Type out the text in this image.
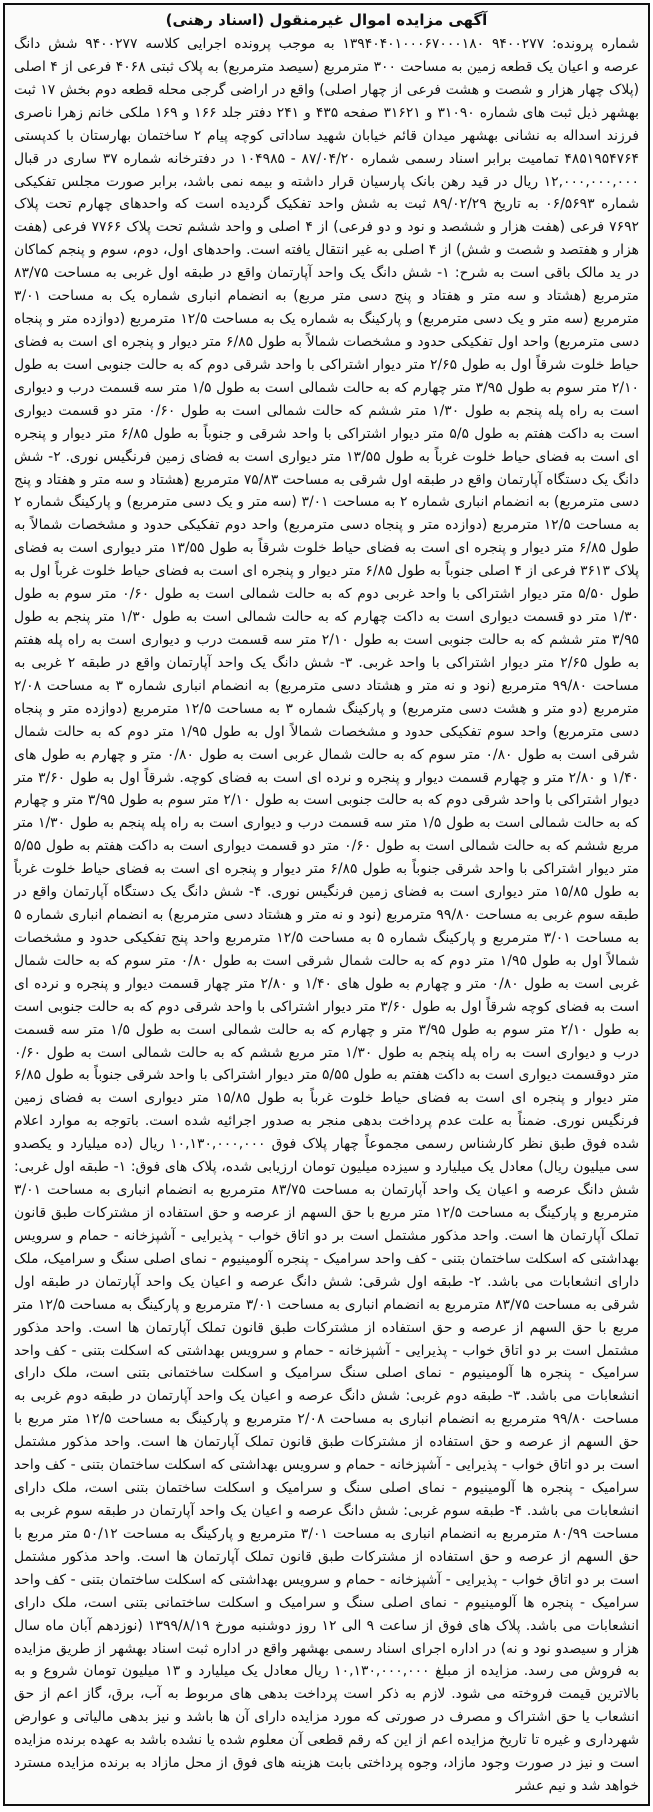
آگهی مزایده اموال غیرمنقول (اسناد رهنی)

شماره پرونده: ۹۴۰۰۲۷۷ ۱۳۹۴۰۴۰۱۰۰۰۶۷۰۰۰۱۸۰ به موجب پرونده اجرایی کلاسه ۹۴۰۰۲۷۷ شش دانگ عرصه و اعیان یک قطعه زمین به مساحت ۳۰۰ مترمربع (سیصد مترمربع) به پلاک ثبتی ۴۰۶۸ فرعی از ۴ اصلی (پلاک چهار هزار و شصت و هشت فرعی از چهار اصلی) واقع در اراضی گرجی محله قطعه دوم بخش ۱۷ ثبت بهشهر ذیل ثبت های شماره ۳۱۰۹۰ و ۳۱۶۲۱ صفحه ۴۳۵ و ۲۴۱ دفتر جلد ۱۶۶ و ۱۶۹ ملکی خانم زهرا ناصری فرزند اسداله به نشانی بهشهر میدان قائم خیابان شهید ساداتی کوچه پیام ۲ ساختمان بهارستان با کدپستی ۴۸۵۱۹۵۴۷۶۴ تمامیت برابر اسناد رسمی شماره ۸۷/۰۴/۲۰ - ۱۰۴۹۸۵ در دفترخانه شماره ۳۷ ساری در قبال ۱۲,۰۰۰,۰۰۰,۰۰۰ ریال در قید رهن بانک پارسیان قرار داشته و بیمه نمی باشد، برابر صورت مجلس تفکیکی شماره ۰۶/۵۶۹۳ به تاریخ ۸۹/۰۲/۲۹ ثبت به شش واحد تفکیک گردیده است که واحدهای چهارم تحت پلاک ۷۶۹۲ فرعی (هفت هزار و ششصد و نود و دو فرعی) از ۴ اصلی و واحد ششم تحت پلاک ۷۷۶۶ فرعی (هفت هزار و هفتصد و شصت و شش) از ۴ اصلی به غیر انتقال یافته است. واحدهای اول، دوم، سوم و پنجم کماکان در ید مالک باقی است به شرح: ۱- شش دانگ یک واحد آپارتمان واقع در طبقه اول غربی به مساحت ۸۳/۷۵ مترمربع (هشتاد و سه متر و هفتاد و پنج دسی متر مربع) به انضمام انباری شماره یک به مساحت ۳/۰۱ مترمربع (سه متر و یک دسی مترمربع) و پارکینگ به شماره یک به مساحت ۱۲/۵ مترمربع (دوازده متر و پنجاه دسی مترمربع) واحد اول تفکیکی حدود و مشخصات شمالاً به طول ۶/۸۵ متر دیوار و پنجره ای است به فضای حیاط خلوت شرقاً اول به طول ۲/۶۵ متر دیوار اشتراکی با واحد شرقی دوم که به حالت جنوبی است به طول ۲/۱۰ متر سوم به طول ۳/۹۵ متر چهارم که به حالت شمالی است به طول ۱/۵ متر سه قسمت درب و دیواری است به راه پله پنجم به طول ۱/۳۰ متر ششم که حالت شمالی است به طول ۰/۶۰ متر دو قسمت دیواری است به داکت هفتم به طول ۵/۵ متر دیوار اشتراکی با واحد شرقی و جنوباً به طول ۶/۸۵ متر دیوار و پنجره ای است به فضای حیاط خلوت غرباً به طول ۱۳/۵۵ متر دیواری است به فضای زمین فرنگیس نوری. ۲- شش دانگ یک دستگاه آپارتمان واقع در طبقه اول شرقی به مساحت ۷۵/۸۳ مترمربع (هشتاد و سه متر و هفتاد و پنج دسی مترمربع) به انضمام انباری شماره ۲ به مساحت ۳/۰۱ (سه متر و یک دسی مترمربع) و پارکینگ شماره ۲ به مساحت ۱۲/۵ مترمربع (دوازده متر و پنجاه دسی مترمربع) واحد دوم تفکیکی حدود و مشخصات شمالاً به طول ۶/۸۵ متر دیوار و پنجره ای است به فضای حیاط خلوت شرقاً به طول ۱۳/۵۵ متر دیواری است به فضای پلاک ۳۶۱۳ فرعی از ۴ اصلی جنوباً به طول ۶/۸۵ متر دیوار و پنجره ای است به فضای حیاط خلوت غرباً اول به طول ۵/۵۰ متر دیوار اشتراکی با واحد غربی دوم که به حالت شمالی است به طول ۰/۶۰ متر سوم به طول ۱/۳۰ متر دو قسمت دیواری است به داکت چهارم که به حالت شمالی است به طول ۱/۳۰ متر پنجم به طول ۳/۹۵ متر ششم که به حالت جنوبی است به طول ۲/۱۰ متر سه قسمت درب و دیواری است به راه پله هفتم به طول ۲/۶۵ متر دیوار اشتراکی با واحد غربی. ۳- شش دانگ یک واحد آپارتمان واقع در طبقه ۲ غربی به مساحت ۹۹/۸۰ مترمربع (نود و نه متر و هشتاد دسی مترمربع) به انضمام انباری شماره ۳ به مساحت ۲/۰۸ مترمربع (دو متر و هشت دسی مترمربع) و پارکینگ شماره ۳ به مساحت ۱۲/۵ مترمربع (دوازده متر و پنجاه دسی مترمربع) واحد سوم تفکیکی حدود و مشخصات شمالاً اول به طول ۱/۹۵ متر دوم که به حالت شمال شرقی است به طول ۰/۸۰ متر سوم که به حالت شمال غربی است به طول ۰/۸۰ متر و چهارم به طول های ۱/۴۰ و ۲/۸۰ متر و چهارم قسمت دیوار و پنجره و نرده ای است به فضای کوچه. شرقاً اول به طول ۳/۶۰ متر دیوار اشتراکی با واحد شرقی دوم که به حالت جنوبی است به طول ۲/۱۰ متر سوم به طول ۳/۹۵ متر و چهارم که به حالت شمالی است به طول ۱/۵ متر سه قسمت درب و دیواری است به راه پله پنجم به طول ۱/۳۰ متر مربع ششم که به حالت شمالی است به طول ۰/۶۰ متر دو قسمت دیواری است به داکت هفتم به طول ۵/۵۵ متر دیوار اشتراکی با واحد شرقی جنوباً به طول ۶/۸۵ متر دیوار و پنجره ای است به فضای حیاط خلوت غرباً به طول ۱۵/۸۵ متر دیواری است به فضای زمین فرنگیس نوری. ۴- شش دانگ یک دستگاه آپارتمان واقع در طبقه سوم غربی به مساحت ۹۹/۸۰ مترمربع (نود و نه متر و هشتاد دسی مترمربع) به انضمام انباری شماره ۵ به مساحت ۳/۰۱ مترمربع و پارکینگ شماره ۵ به مساحت ۱۲/۵ مترمربع واحد پنج تفکیکی حدود و مشخصات شمالاً اول به طول ۱/۹۵ متر دوم که به حالت شمال شرقی است به طول ۰/۸۰ متر سوم که به حالت شمال غربی است به طول ۰/۸۰ متر و چهارم به طول های ۱/۴۰ و ۲/۸۰ متر چهار قسمت دیوار و پنجره و نرده ای است به فضای کوچه شرقاً اول به طول ۳/۶۰ متر دیوار اشتراکی با واحد شرقی دوم که به حالت جنوبی است به طول ۲/۱۰ متر سوم به طول ۳/۹۵ متر و چهارم که به حالت شمالی است به طول ۱/۵ متر سه قسمت درب و دیواری است به راه پله پنجم به طول ۱/۳۰ متر مربع ششم که به حالت شمالی است به طول ۰/۶۰ متر دوقسمت دیواری است به داکت هفتم به طول ۵/۵۵ متر دیوار اشتراکی با واحد شرقی جنوباً به طول ۶/۸۵ متر دیوار و پنجره ای است به فضای حیاط خلوت غرباً به طول ۱۵/۸۵ متر دیواری است به فضای زمین فرنگیس نوری. ضمناً به علت عدم پرداخت بدهی منجر به صدور اجرائیه شده است. باتوجه به موارد اعلام شده فوق طبق نظر کارشناس رسمی مجموعاً چهار پلاک فوق ۱۰,۱۳۰,۰۰۰,۰۰۰ ریال (ده میلیارد و یکصدو سی میلیون ریال) معادل یک میلیارد و سیزده میلیون تومان ارزیابی شده، پلاک های فوق: ۱- طبقه اول غربی: شش دانگ عرصه و اعیان یک واحد آپارتمان به مساحت ۸۳/۷۵ مترمربع به انضمام انباری به مساحت ۳/۰۱ مترمربع و پارکینگ به مساحت ۱۲/۵ متر مربع با حق السهم از عرصه و حق استفاده از مشترکات طبق قانون تملک آپارتمان ها است. واحد مذکور مشتمل است بر دو اتاق خواب - پذیرایی - آشپزخانه - حمام و سرویس بهداشتی که اسکلت ساختمان بتنی - کف واحد سرامیک - پنجره آلومینیوم - نمای اصلی سنگ و سرامیک، ملک دارای انشعابات می باشد. ۲- طبقه اول شرقی: شش دانگ عرصه و اعیان یک واحد آپارتمان در طبقه اول شرقی به مساحت ۸۳/۷۵ مترمربع به انضمام انباری به مساحت ۳/۰۱ مترمربع و پارکینگ به مساحت ۱۲/۵ متر مربع با حق السهم از عرصه و حق استفاده از مشترکات طبق قانون تملک آپارتمان ها است. واحد مذکور مشتمل است بر دو اتاق خواب - پذیرایی - آشپزخانه - حمام و سرویس بهداشتی که اسکلت بتنی - کف واحد سرامیک - پنجره ها آلومینیوم - نمای اصلی سنگ سرامیک و اسکلت ساختمانی بتنی است، ملک دارای انشعابات می باشد. ۳- طبقه دوم غربی: شش دانگ عرصه و اعیان یک واحد آپارتمان در طبقه دوم غربی به مساحت ۹۹/۸۰ مترمربع به انضمام انباری به مساحت ۲/۰۸ مترمربع و پارکینگ به مساحت ۱۲/۵ متر مربع با حق السهم از عرصه و حق استفاده از مشترکات طبق قانون تملک آپارتمان ها است. واحد مذکور مشتمل است بر دو اتاق خواب - پذیرایی - آشپزخانه - حمام و سرویس بهداشتی که اسکلت ساختمان بتنی - کف واحد سرامیک - پنجره ها آلومینیوم - نمای اصلی سنگ و سرامیک و اسکلت ساختمان بتنی است، ملک دارای انشعابات می باشد. ۴- طبقه سوم غربی: شش دانگ عرصه و اعیان یک واحد آپارتمان در طبقه سوم غربی به مساحت ۸۰/۹۹ مترمربع به انضمام انباری به مساحت ۳/۰۱ مترمربع و پارکینگ به مساحت ۵۰/۱۲ متر مربع با حق السهم از عرصه و حق استفاده از مشترکات طبق قانون تملک آپارتمان ها است. واحد مذکور مشتمل است بر دو اتاق خواب - پذیرایی - آشپزخانه - حمام و سرویس بهداشتی که اسکلت ساختمان بتنی - کف واحد سرامیک - پنجره ها آلومینیوم - نمای اصلی سنگ و سرامیک و اسکلت ساختمانی بتنی است، ملک دارای انشعابات می باشد. پلاک های فوق از ساعت ۹ الی ۱۲ روز دوشنبه مورخ ۱۳۹۹/۸/۱۹ (نوزدهم آبان ماه سال هزار و سیصدو نود و نه) در اداره اجرای اسناد رسمی بهشهر واقع در اداره ثبت اسناد بهشهر از طریق مزایده به فروش می رسد. مزایده از مبلغ ۱۰,۱۳۰,۰۰۰,۰۰۰ ریال معادل یک میلیارد و ۱۳ میلیون تومان شروع و به بالاترین قیمت فروخته می شود. لازم به ذکر است پرداخت بدهی های مربوط به آب، برق، گاز اعم از حق انشعاب یا حق اشتراک و مصرف در صورتی که مورد مزایده دارای آن ها باشد و نیز بدهی مالیاتی و عوارض شهرداری و غیره تا تاریخ مزایده اعم از این که رقم قطعی آن معلوم شده یا نشده باشد به عهده برنده مزایده است و نیز در صورت وجود مازاد، وجوه پرداختی بابت هزینه های فوق از محل مازاد به برنده مزایده مسترد خواهد شد و نیم عشر
